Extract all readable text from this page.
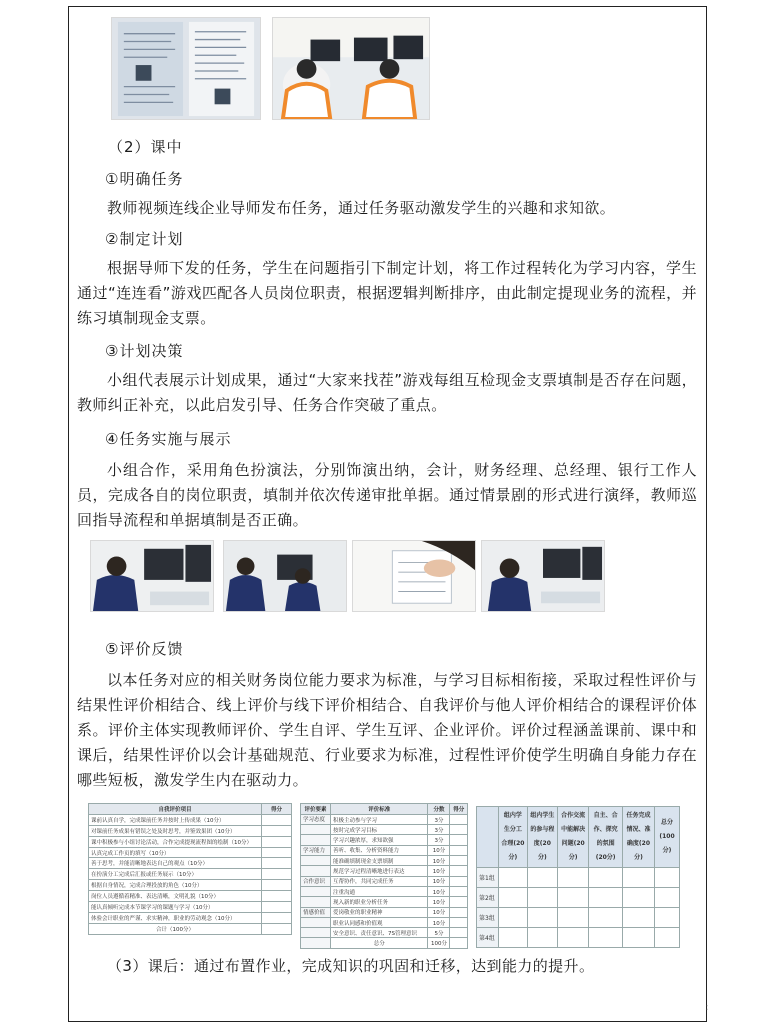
:
（2）课中
①明确任务
教师视频连线企业导师发布任务，通过任务驱动激发学生的兴趣和求知欲。
②制定计划
根据导师下发的任务，学生在问题指引下制定计划，将工作过程转化为学习内容，学生通过“连连看”游戏匹配各人员岗位职责，根据逻辑判断排序，由此制定提现业务的流程，并练习填制现金支票。
③计划决策
小组代表展示计划成果，通过“大家来找茬”游戏每组互检现金支票填制是否存在问题，教师纠正补充，以此启发引导、任务合作突破了重点。
④任务实施与展示
小组合作，采用角色扮演法，分别饰演出纳，会计，财务经理、总经理、银行工作人员，完成各自的岗位职责，填制并依次传递审批单据。通过情景剧的形式进行演绎，教师巡回指导流程和单据填制是否正确。
⑤评价反馈
以本任务对应的相关财务岗位能力要求为标准，与学习目标相衔接，采取过程性评价与结果性评价相结合、线上评价与线下评价相结合、自我评价与他人评价相结合的课程评价体系。评价主体实现教师评价、学生自评、学生互评、企业评价。评价过程涵盖课前、课中和课后，结果性评价以会计基础规范、行业要求为标准，过程性评价使学生明确自身能力存在哪些短板，激发学生内在驱动力。
自我评价项目	得分
课前认真自学，完成课前任务并按时上传成果（10分）	
对课前任务成果有错误之处及时思考，并鉴效果团（10分）	
课中积极参与小组讨论活动，合作完成提现流程图的绘制（10分）	
认真完成工作页的填写（10分）	
善于思考，并能清晰地表达自己的观点（10分）	
在扮演分工完成后汇报或任务展示（10分）	
根据自身情况，完成合理投放的角色（10分）	
岗位人员遵循着精准、表达清晰，文明礼貌（10分）	
能认真倾听完成本节课学习的课题与学习（10分）	
体验会计职业的严谨、求实精神，职业的劳动观念（10分）	
合计（100分）	
评价要素	评价标准	分数	得分
学习态度	积极主动参与学习	3分	
	按时完成学习目标	3分	
	学习兴趣浓厚，求知欲强	3分	
学习能力	善听、收集、分析资料能力	10分	
	能准确填制现金支票填制	10分	
	规范学习过程清晰地进行表达	10分	
合作意识	互帮协作，共同完成任务	10分	
	注重沟通	10分	
	现入新的职业分析任务	10分	
情感价值	爱岗敬业的职业精神	10分	
	职业认同感和价值观	10分	
	安全意识、责任意识、7S管理意识	5分	
	总分	100分	
	组内学生分工合理(20分)	组内学生的参与程度(20分)	合作交流中能解决问题(20分)	自主、合作、探究的氛围(20分)	任务完成情况、准确度(20分)	总分(100分)
第1组						
第2组						
第3组						
第4组						
（3）课后：通过布置作业，完成知识的巩固和迁移，达到能力的提升。
